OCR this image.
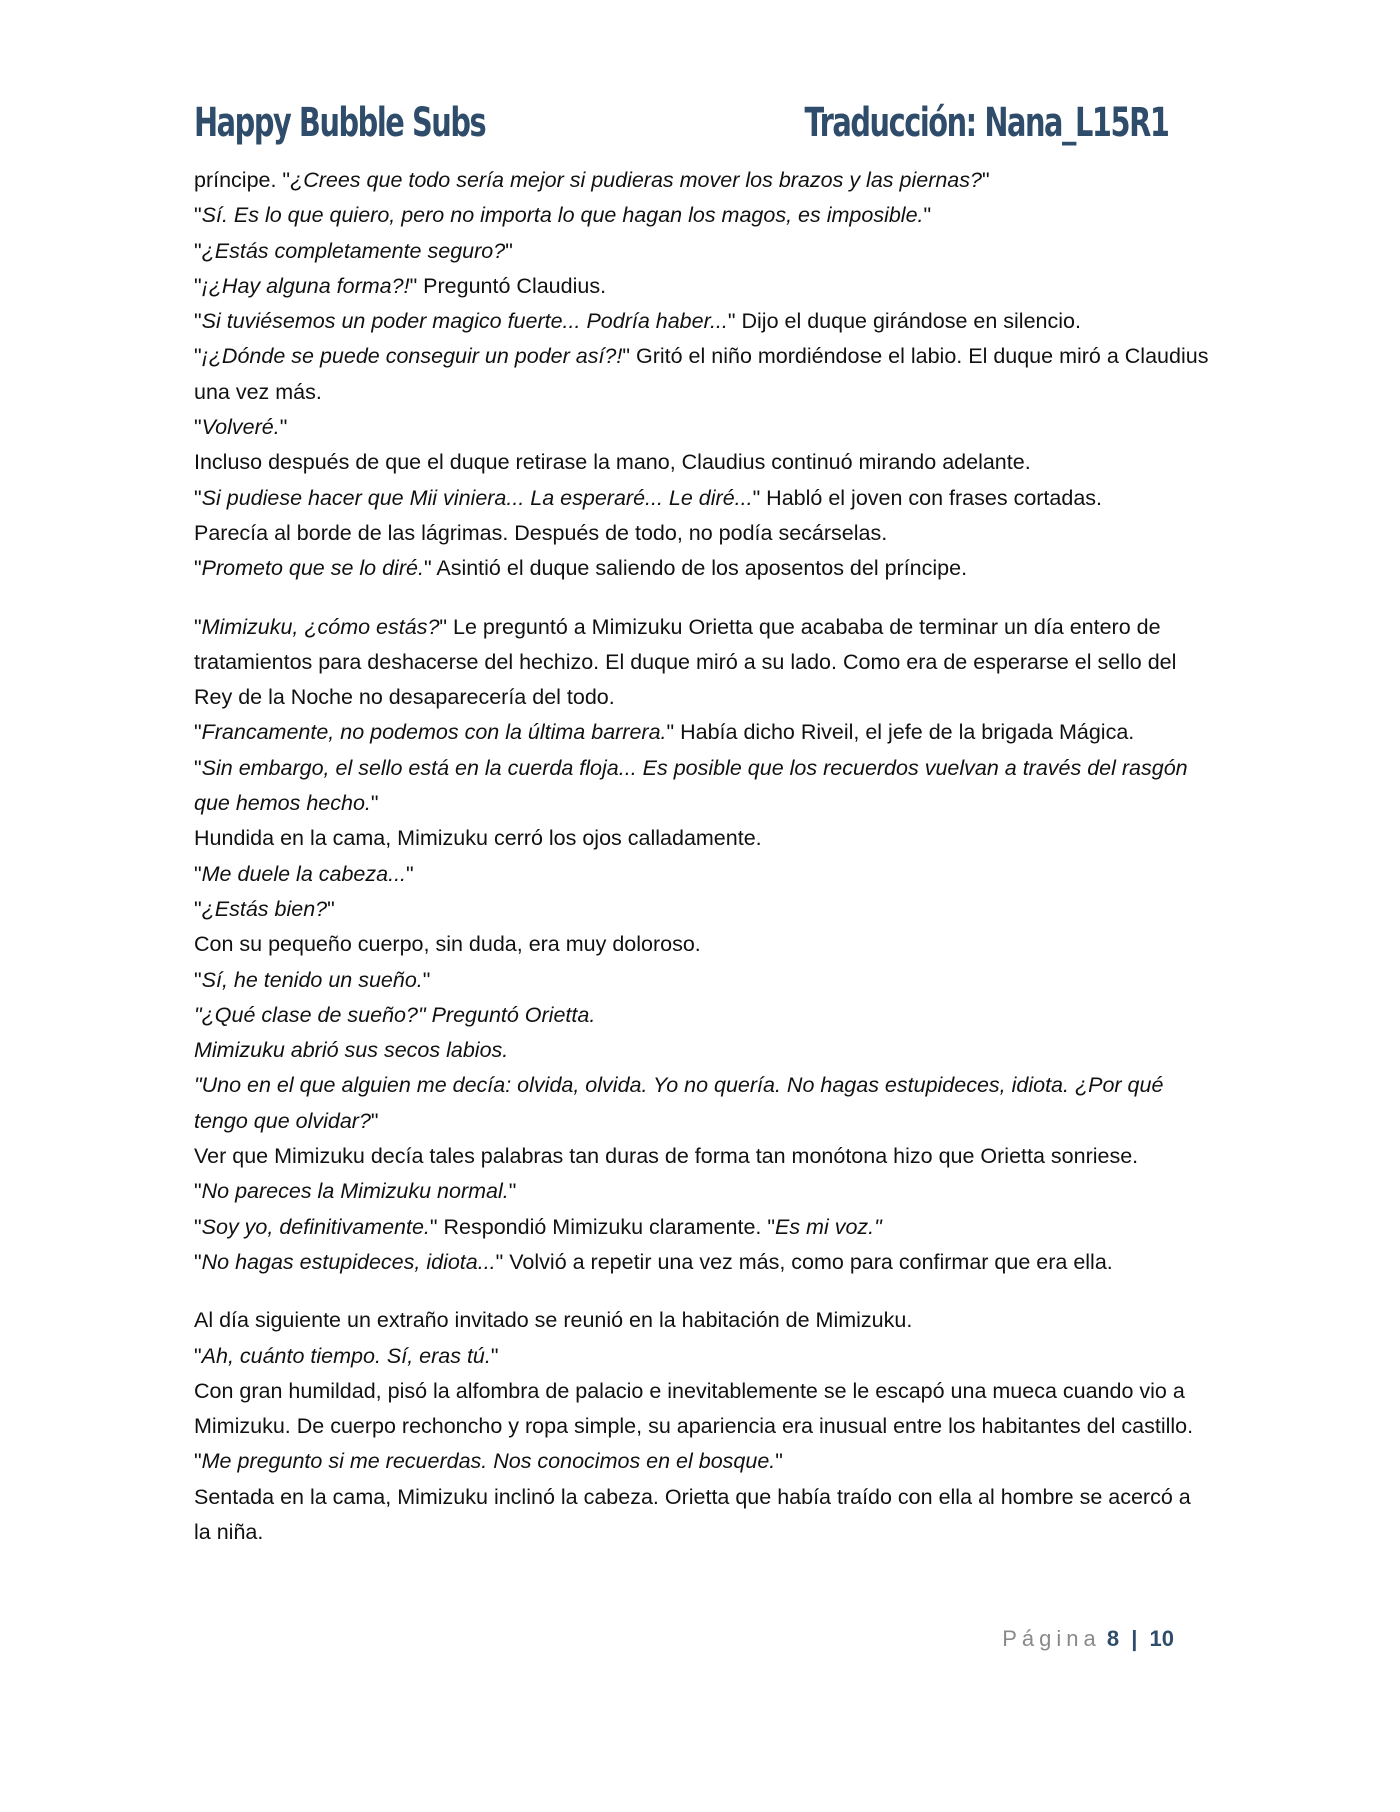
Happy Bubble Subs	Traducción: Nana_L15R1

príncipe. "¿Crees que todo sería mejor si pudieras mover los brazos y las piernas?"

"Sí. Es lo que quiero, pero no importa lo que hagan los magos, es imposible."

"¿Estás completamente seguro?"

"¡¿Hay alguna forma?!" Preguntó Claudius.

"Si tuviésemos un poder magico fuerte... Podría haber..." Dijo el duque girándose en silencio.

"¡¿Dónde se puede conseguir un poder así?!" Gritó el niño mordiéndose el labio. El duque miró a Claudius una vez más.

"Volveré."

Incluso después de que el duque retirase la mano, Claudius continuó mirando adelante.

"Si pudiese hacer que Mii viniera... La esperaré... Le diré..." Habló el joven con frases cortadas.

Parecía al borde de las lágrimas. Después de todo, no podía secárselas.

"Prometo que se lo diré." Asintió el duque saliendo de los aposentos del príncipe.

"Mimizuku, ¿cómo estás?" Le preguntó a Mimizuku Orietta que acababa de terminar un día entero de tratamientos para deshacerse del hechizo. El duque miró a su lado. Como era de esperarse el sello del Rey de la Noche no desaparecería del todo.

"Francamente, no podemos con la última barrera." Había dicho Riveil, el jefe de la brigada Mágica.

"Sin embargo, el sello está en la cuerda floja... Es posible que los recuerdos vuelvan a través del rasgón que hemos hecho."

Hundida en la cama, Mimizuku cerró los ojos calladamente.

"Me duele la cabeza..."

"¿Estás bien?"

Con su pequeño cuerpo, sin duda, era muy doloroso.

"Sí, he tenido un sueño."

"¿Qué clase de sueño?" Preguntó Orietta.

Mimizuku abrió sus secos labios.

"Uno en el que alguien me decía: olvida, olvida. Yo no quería. No hagas estupideces, idiota. ¿Por qué tengo que olvidar?"

Ver que Mimizuku decía tales palabras tan duras de forma tan monótona hizo que Orietta sonriese.

"No pareces la Mimizuku normal."

"Soy yo, definitivamente." Respondió Mimizuku claramente. "Es mi voz."

"No hagas estupideces, idiota..." Volvió a repetir una vez más, como para confirmar que era ella.

Al día siguiente un extraño invitado se reunió en la habitación de Mimizuku.

"Ah, cuánto tiempo. Sí, eras tú."

Con gran humildad, pisó la alfombra de palacio e inevitablemente se le escapó una mueca cuando vio a Mimizuku. De cuerpo rechoncho y ropa simple, su apariencia era inusual entre los habitantes del castillo.

"Me pregunto si me recuerdas. Nos conocimos en el bosque."

Sentada en la cama, Mimizuku inclinó la cabeza. Orietta que había traído con ella al hombre se acercó a la niña.

Página 8 | 10
